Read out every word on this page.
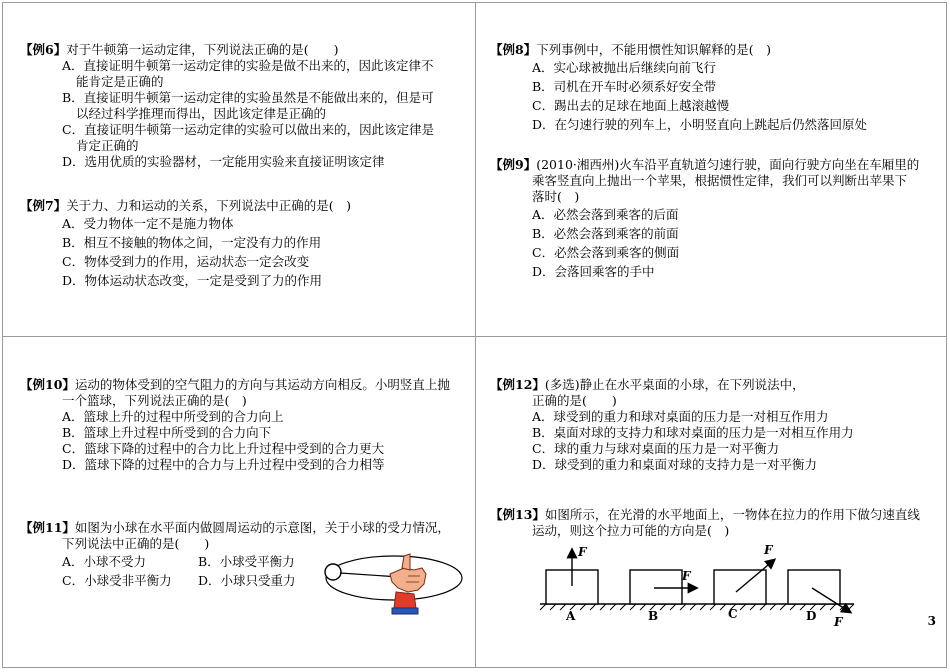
【例6】对于牛顿第一运动定律，下列说法正确的是(　　)
A．直接证明牛顿第一运动定律的实验是做不出来的，因此该定律不
能肯定是正确的
B．直接证明牛顿第一运动定律的实验虽然是不能做出来的，但是可
以经过科学推理而得出，因此该定律是正确的
C．直接证明牛顿第一运动定律的实验可以做出来的，因此该定律是
肯定正确的
D．选用优质的实验器材，一定能用实验来直接证明该定律
【例7】关于力、力和运动的关系，下列说法中正确的是(　)
A．受力物体一定不是施力物体
B．相互不接触的物体之间，一定没有力的作用
C．物体受到力的作用，运动状态一定会改变
D．物体运动状态改变，一定是受到了力的作用
【例8】下列事例中，不能用惯性知识解释的是(　)
A．实心球被抛出后继续向前飞行
B．司机在开车时必须系好安全带
C．踢出去的足球在地面上越滚越慢
D．在匀速行驶的列车上，小明竖直向上跳起后仍然落回原处
【例9】(2010·湘西州)火车沿平直轨道匀速行驶，面向行驶方向坐在车厢里的
乘客竖直向上抛出一个苹果，根据惯性定律，我们可以判断出苹果下
落时(　)
A．必然会落到乘客的后面
B．必然会落到乘客的前面
C．必然会落到乘客的侧面
D．会落回乘客的手中
【例10】运动的物体受到的空气阻力的方向与其运动方向相反。小明竖直上抛
一个篮球，下列说法正确的是(　)
A．篮球上升的过程中所受到的合力向上
B．篮球上升过程中所受到的合力向下
C．篮球下降的过程中的合力比上升过程中受到的合力更大
D．篮球下降的过程中的合力与上升过程中受到的合力相等
【例11】如图为小球在水平面内做圆周运动的示意图，关于小球的受力情况，
下列说法中正确的是(　　)
A．小球不受力	B．小球受平衡力
C．小球受非平衡力	D．小球只受重力
【例12】(多选)静止在水平桌面的小球，在下列说法中，
正确的是(　　)
A．球受到的重力和球对桌面的压力是一对相互作用力
B．桌面对球的支持力和球对桌面的压力是一对相互作用力
C．球的重力与球对桌面的压力是一对平衡力
D．球受到的重力和桌面对球的支持力是一对平衡力
【例13】如图所示，在光滑的水平地面上，一物体在拉力的作用下做匀速直线
运动，则这个拉力可能的方向是(　)
F
F
F
F
A	B	C	D	3
